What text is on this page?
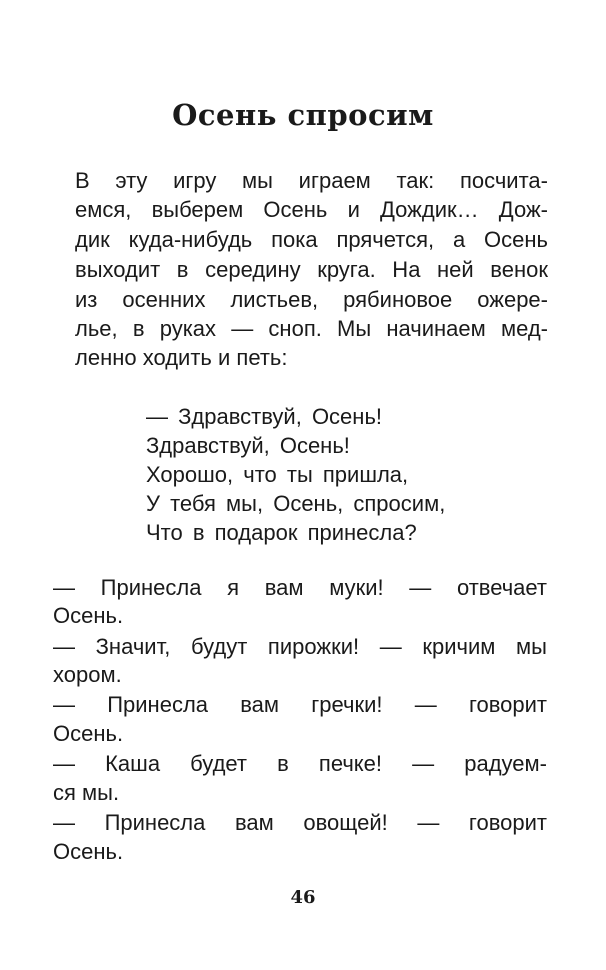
Осень спросим

В эту игру мы играем так: посчита-

емся, выберем Осень и Дождик… Дож-

дик куда-нибудь пока прячется, а Осень

выходит в середину круга. На ней венок

из осенних листьев, рябиновое ожере-

лье, в руках — сноп. Мы начинаем мед-

ленно ходить и петь:

— Здравствуй, Осень!

Здравствуй, Осень!

Хорошо, что ты пришла,

У тебя мы, Осень, спросим,

Что в подарок принесла?

— Принесла я вам муки! — отвечает

Осень.

— Значит, будут пирожки! — кричим мы

хором.

— Принесла вам гречки! — говорит

Осень.

— Каша будет в печке! — радуем-

ся мы.

— Принесла вам овощей! — говорит

Осень.

46
